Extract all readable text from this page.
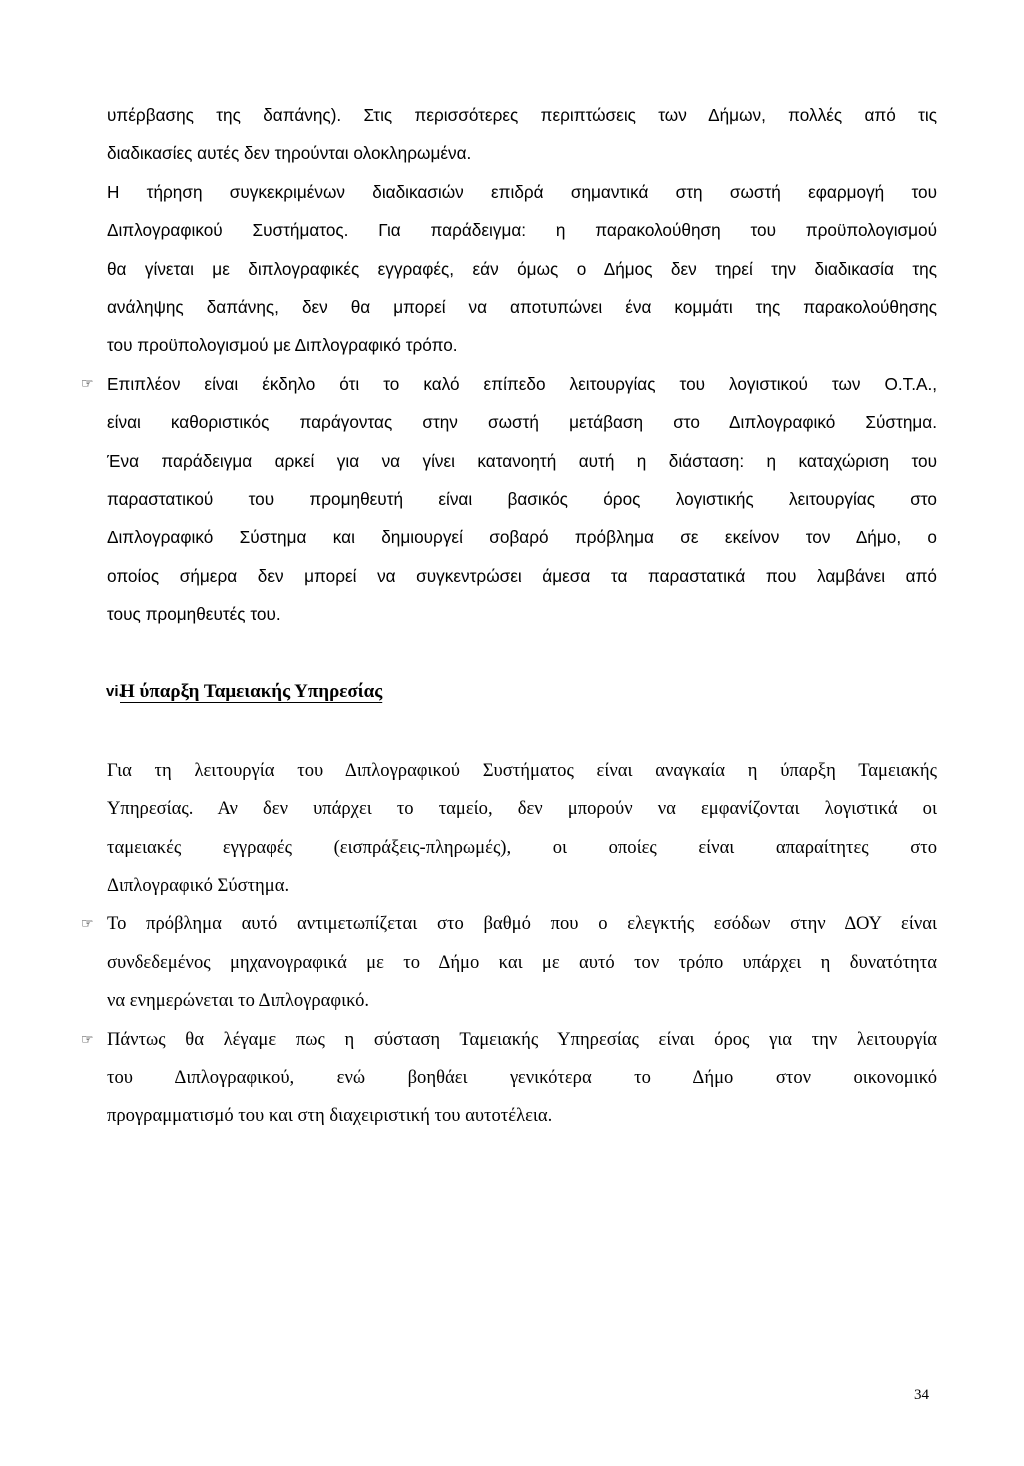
υπέρβασης της δαπάνης). Στις περισσότερες περιπτώσεις των Δήμων, πολλές από τις
διαδικασίες αυτές δεν τηρούνται ολοκληρωμένα.
Η τήρηση συγκεκριμένων διαδικασιών επιδρά σημαντικά στη σωστή εφαρμογή του
Διπλογραφικού Συστήματος. Για παράδειγμα: η παρακολούθηση του προϋπολογισμού
θα γίνεται με διπλογραφικές εγγραφές, εάν όμως ο Δήμος δεν τηρεί την διαδικασία της
ανάληψης δαπάνης, δεν θα μπορεί να αποτυπώνει ένα κομμάτι της παρακολούθησης
του προϋπολογισμού με Διπλογραφικό τρόπο.
☞ Επιπλέον είναι έκδηλο ότι το καλό επίπεδο λειτουργίας του λογιστικού των Ο.Τ.Α.,
είναι καθοριστικός παράγοντας στην σωστή μετάβαση στο Διπλογραφικό Σύστημα.
Ένα παράδειγμα αρκεί για να γίνει κατανοητή αυτή η διάσταση: η καταχώριση του
παραστατικού του προμηθευτή είναι βασικός όρος λογιστικής λειτουργίας στο
Διπλογραφικό Σύστημα και δημιουργεί σοβαρό πρόβλημα σε εκείνον τον Δήμο, ο
οποίος σήμερα δεν μπορεί να συγκεντρώσει άμεσα τα παραστατικά που λαμβάνει από
τους προμηθευτές του.
vi.
Η ύπαρξη Ταμειακής Υπηρεσίας
Για τη λειτουργία του Διπλογραφικού Συστήματος είναι αναγκαία η ύπαρξη Ταμειακής
Υπηρεσίας. Αν δεν υπάρχει το ταμείο, δεν μπορούν να εμφανίζονται λογιστικά οι
ταμειακές εγγραφές (εισπράξεις-πληρωμές), οι οποίες είναι απαραίτητες στο
Διπλογραφικό Σύστημα.
☞ Το πρόβλημα αυτό αντιμετωπίζεται στο βαθμό που ο ελεγκτής εσόδων στην ΔΟΥ είναι
συνδεδεμένος μηχανογραφικά με το Δήμο και με αυτό τον τρόπο υπάρχει η δυνατότητα
να ενημερώνεται το Διπλογραφικό.
☞ Πάντως θα λέγαμε πως η σύσταση Ταμειακής Υπηρεσίας είναι όρος για την λειτουργία
του Διπλογραφικού, ενώ βοηθάει γενικότερα το Δήμο στον οικονομικό
προγραμματισμό του και στη διαχειριστική του αυτοτέλεια.
34
